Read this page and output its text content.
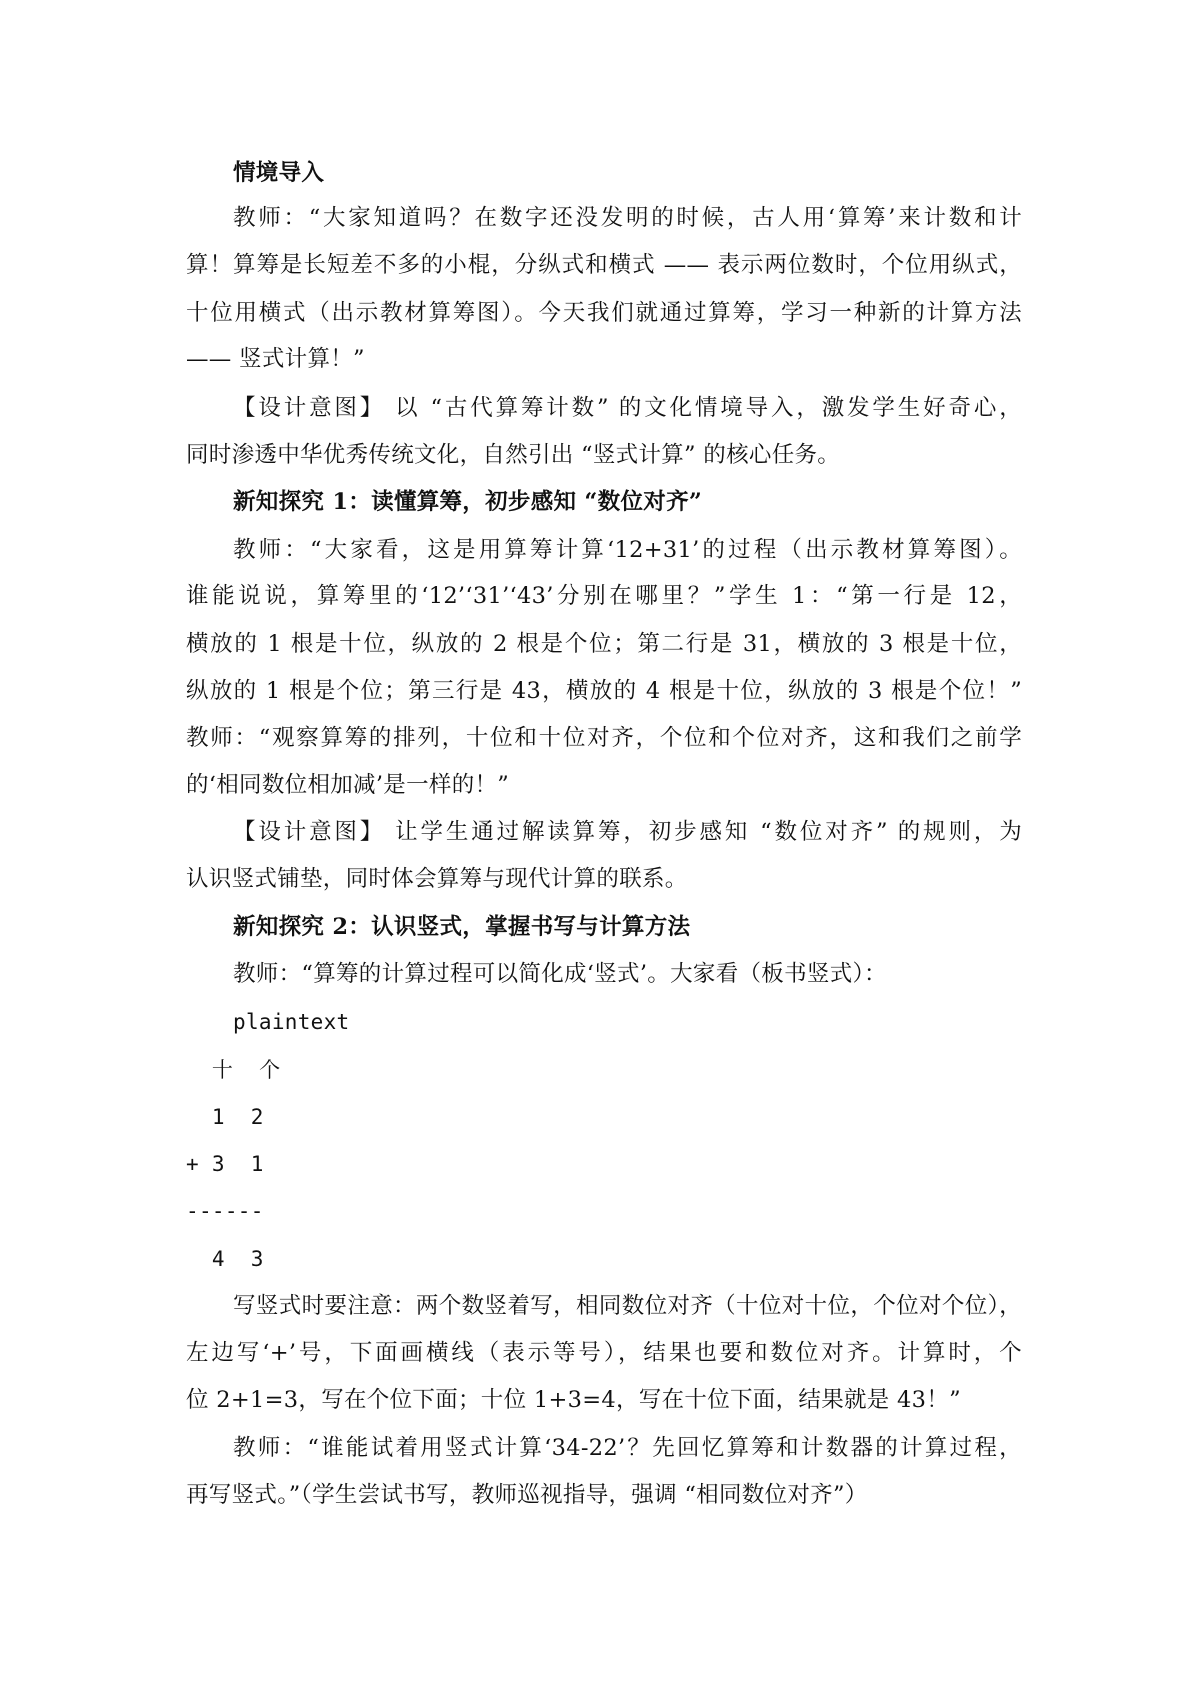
情境导入
教师：“大家知道吗？在数字还没发明的时候，古人用‘算筹’来计数和计
算！算筹是长短差不多的小棍，分纵式和横式 —— 表示两位数时，个位用纵式，
十位用横式（出示教材算筹图）。今天我们就通过算筹，学习一种新的计算方法
—— 竖式计算！”
【设计意图】 以 “古代算筹计数” 的文化情境导入，激发学生好奇心，
同时渗透中华优秀传统文化，自然引出 “竖式计算” 的核心任务。
新知探究 1：读懂算筹，初步感知 “数位对齐”
教师：“大家看，这是用算筹计算‘12+31’的过程（出示教材算筹图）。
谁能说说，算筹里的‘12’‘31’‘43’分别在哪里？”学生 1：“第一行是 12，
横放的 1 根是十位，纵放的 2 根是个位；第二行是 31，横放的 3 根是十位，
纵放的 1 根是个位；第三行是 43，横放的 4 根是十位，纵放的 3 根是个位！”
教师：“观察算筹的排列，十位和十位对齐，个位和个位对齐，这和我们之前学
的‘相同数位相加减’是一样的！”
【设计意图】 让学生通过解读算筹，初步感知 “数位对齐” 的规则，为
认识竖式铺垫，同时体会算筹与现代计算的联系。
新知探究 2：认识竖式，掌握书写与计算方法
教师：“算筹的计算过程可以简化成‘竖式’。大家看（板书竖式）：
plaintext
十  个
1  2
+ 3  1
------
4  3
写竖式时要注意：两个数竖着写，相同数位对齐（十位对十位，个位对个位），
左边写‘+’号，下面画横线（表示等号），结果也要和数位对齐。计算时，个
位 2+1=3，写在个位下面；十位 1+3=4，写在十位下面，结果就是 43！”
教师：“谁能试着用竖式计算‘34-22’？先回忆算筹和计数器的计算过程，
再写竖式。”（学生尝试书写，教师巡视指导，强调 “相同数位对齐”）
